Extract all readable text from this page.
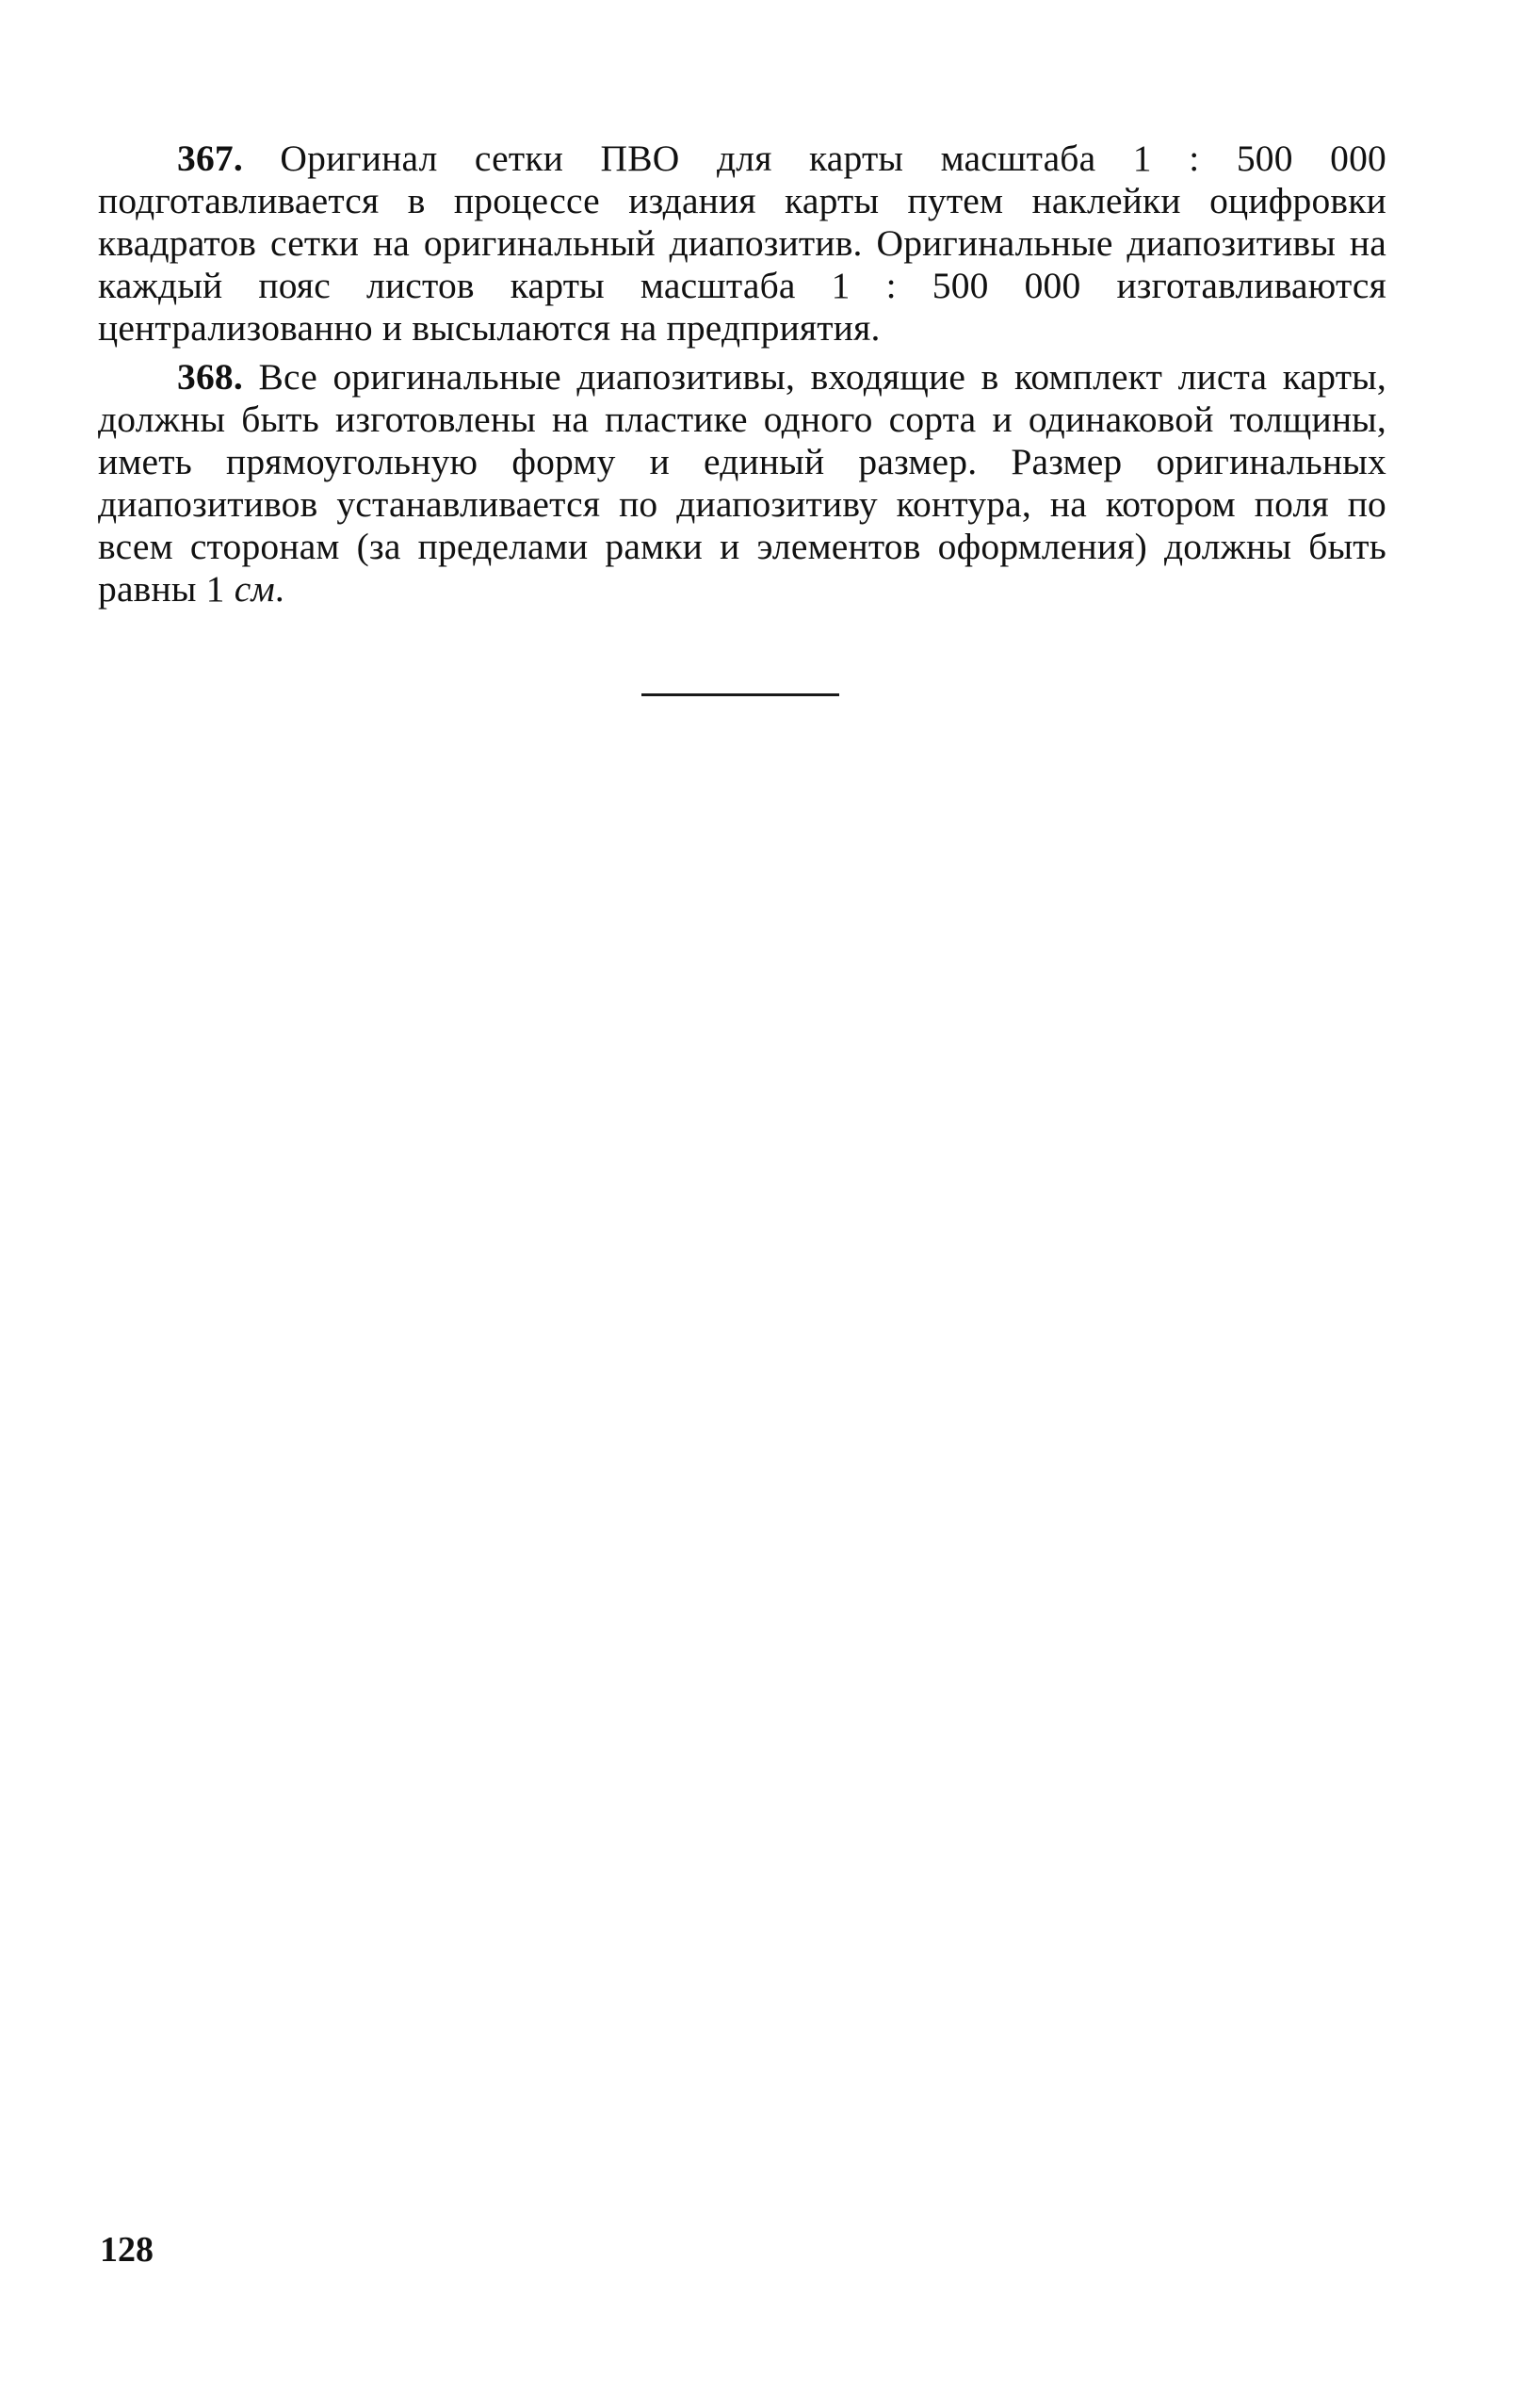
367. Оригинал сетки ПВО для карты масштаба 1 : 500 000 подготавливается в процессе издания карты путем наклейки оцифровки квадратов сетки на оригинальный диапозитив. Оригинальные диапозитивы на каждый пояс листов карты масштаба 1 : 500 000 изготавливаются централизованно и высылаются на предприятия.

368. Все оригинальные диапозитивы, входящие в комплект листа карты, должны быть изготовлены на пластике одного сорта и одинаковой толщины, иметь прямоугольную форму и единый размер. Размер оригинальных диапозитивов устанавливается по диапозитиву контура, на котором поля по всем сторонам (за пределами рамки и элементов оформления) должны быть равны 1 см.

128
